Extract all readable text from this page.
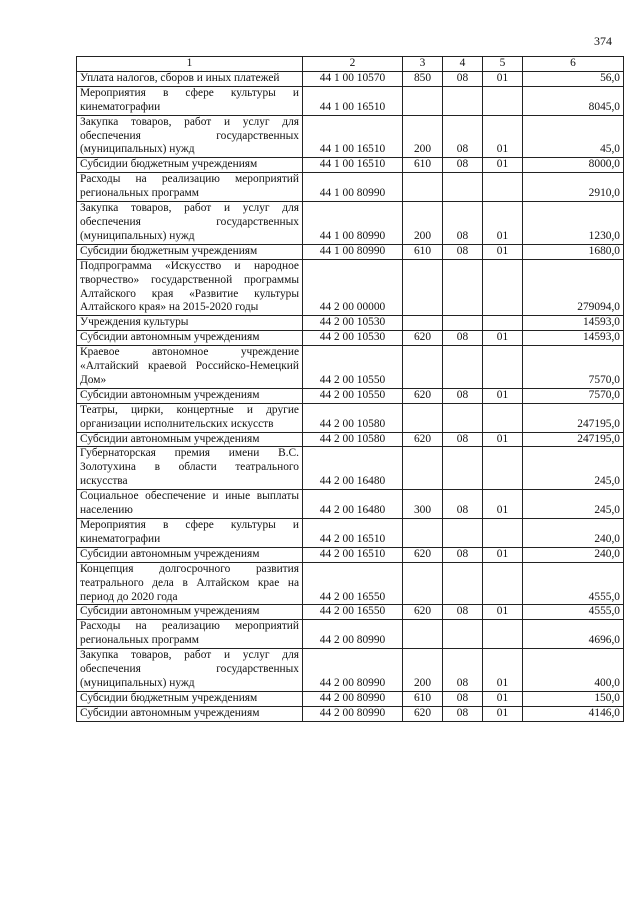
374
1	2	3	4	5	6
Уплата налогов, сборов и иных платежей	44 1 00 10570	850	08	01	56,0
Мероприятия в сфере культуры и кинематографии	44 1 00 16510				8045,0
Закупка товаров, работ и услуг для обеспечения государственных (муниципальных) нужд	44 1 00 16510	200	08	01	45,0
Субсидии бюджетным учреждениям	44 1 00 16510	610	08	01	8000,0
Расходы на реализацию мероприятий региональных программ	44 1 00 80990				2910,0
Закупка товаров, работ и услуг для обеспечения государственных (муниципальных) нужд	44 1 00 80990	200	08	01	1230,0
Субсидии бюджетным учреждениям	44 1 00 80990	610	08	01	1680,0
Подпрограмма «Искусство и народное творчество» государственной программы Алтайского края «Развитие культуры Алтайского края» на 2015-2020 годы	44 2 00 00000				279094,0
Учреждения культуры	44 2 00 10530				14593,0
Субсидии автономным учреждениям	44 2 00 10530	620	08	01	14593,0
Краевое автономное учреждение «Алтайский краевой Российско-Немецкий Дом»	44 2 00 10550				7570,0
Субсидии автономным учреждениям	44 2 00 10550	620	08	01	7570,0
Театры, цирки, концертные и другие организации исполнительских искусств	44 2 00 10580				247195,0
Субсидии автономным учреждениям	44 2 00 10580	620	08	01	247195,0
Губернаторская премия имени В.С. Золотухина в области театрального искусства	44 2 00 16480				245,0
Социальное обеспечение и иные выплаты населению	44 2 00 16480	300	08	01	245,0
Мероприятия в сфере культуры и кинематографии	44 2 00 16510				240,0
Субсидии автономным учреждениям	44 2 00 16510	620	08	01	240,0
Концепция долгосрочного развития театрального дела в Алтайском крае на период до 2020 года	44 2 00 16550				4555,0
Субсидии автономным учреждениям	44 2 00 16550	620	08	01	4555,0
Расходы на реализацию мероприятий региональных программ	44 2 00 80990				4696,0
Закупка товаров, работ и услуг для обеспечения государственных (муниципальных) нужд	44 2 00 80990	200	08	01	400,0
Субсидии бюджетным учреждениям	44 2 00 80990	610	08	01	150,0
Субсидии автономным учреждениям	44 2 00 80990	620	08	01	4146,0
